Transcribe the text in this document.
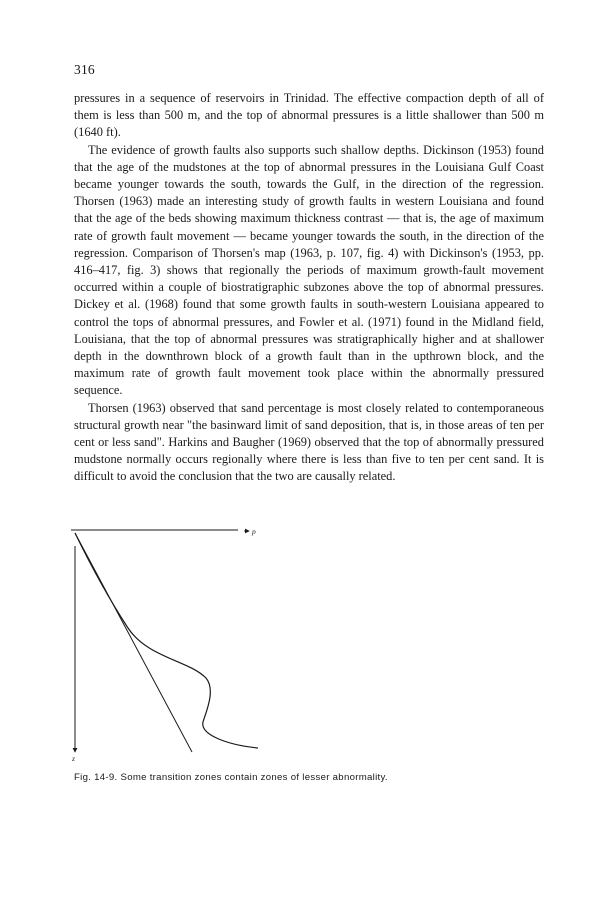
316

pressures in a sequence of reservoirs in Trinidad. The effective compaction depth of all of them is less than 500 m, and the top of abnormal pressures is a little shallower than 500 m (1640 ft).

The evidence of growth faults also supports such shallow depths. Dickinson (1953) found that the age of the mudstones at the top of abnormal pressures in the Louisiana Gulf Coast became younger towards the south, towards the Gulf, in the direction of the regression. Thorsen (1963) made an interesting study of growth faults in western Louisiana and found that the age of the beds showing maximum thickness contrast — that is, the age of maximum rate of growth fault movement — became younger towards the south, in the direction of the regression. Comparison of Thorsen's map (1963, p. 107, fig. 4) with Dickinson's (1953, pp. 416–417, fig. 3) shows that regionally the periods of maximum growth-fault movement occurred within a couple of biostratigraphic subzones above the top of abnormal pressures. Dickey et al. (1968) found that some growth faults in south-western Louisiana appeared to control the tops of abnormal pressures, and Fowler et al. (1971) found in the Midland field, Louisiana, that the top of abnormal pressures was stratigraphically higher and at shallower depth in the downthrown block of a growth fault than in the upthrown block, and the maximum rate of growth fault movement took place within the abnormally pressured sequence.

Thorsen (1963) observed that sand percentage is most closely related to contemporaneous structural growth near "the basinward limit of sand deposition, that is, in those areas of ten per cent or less sand". Harkins and Baugher (1969) observed that the top of abnormally pressured mudstone normally occurs regionally where there is less than five to ten per cent sand. It is difficult to avoid the conclusion that the two are causally related.

p
z
Fig. 14-9. Some transition zones contain zones of lesser abnormality.
